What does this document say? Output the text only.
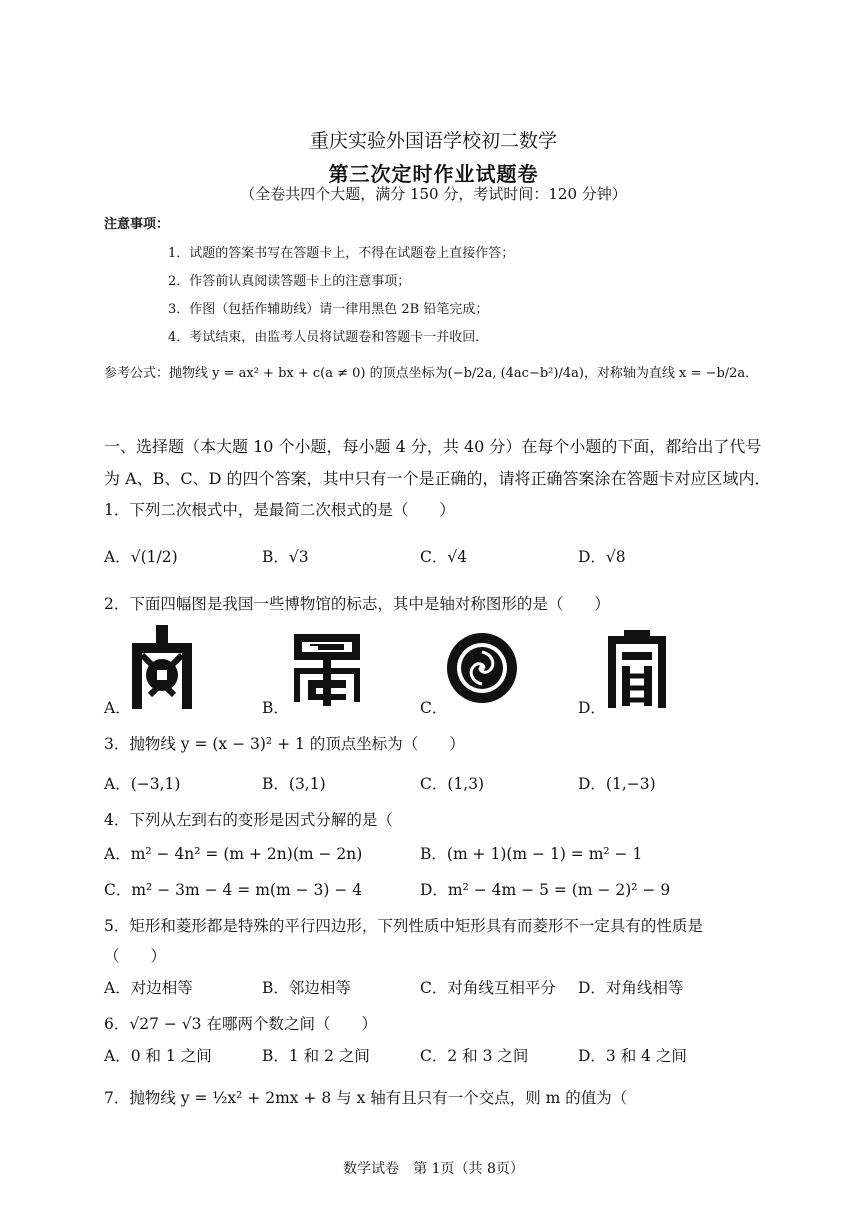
重庆实验外国语学校初二数学
第三次定时作业试题卷
（全卷共四个大题，满分 150 分，考试时间：120 分钟）
注意事项：
1．试题的答案书写在答题卡上，不得在试题卷上直接作答；
2．作答前认真阅读答题卡上的注意事项；
3．作图（包括作辅助线）请一律用黑色 2B 铅笔完成；
4．考试结束，由监考人员将试题卷和答题卡一并收回．
参考公式：抛物线 y = ax² + bx + c(a ≠ 0) 的顶点坐标为(−b/2a, (4ac−b²)/4a)，对称轴为直线 x = −b/2a．
一、选择题（本大题 10 个小题，每小题 4 分，共 40 分）在每个小题的下面，都给出了代号
为 A、B、C、D 的四个答案，其中只有一个是正确的，请将正确答案涂在答题卡对应区域内．
1．下列二次根式中，是最简二次根式的是（　　）
A．√(1/2)	B．√3	C．√4	D．√8
2．下面四幅图是我国一些博物馆的标志，其中是轴对称图形的是（　　）
A．	B．	C．	D．
3．抛物线 y = (x − 3)² + 1 的顶点坐标为（　　）
A．(−3,1)	B．(3,1)	C．(1,3)	D．(1,−3)
4．下列从左到右的变形是因式分解的是（
A．m² − 4n² = (m + 2n)(m − 2n)	B．(m + 1)(m − 1) = m² − 1
C．m² − 3m − 4 = m(m − 3) − 4	D．m² − 4m − 5 = (m − 2)² − 9
5．矩形和菱形都是特殊的平行四边形，下列性质中矩形具有而菱形不一定具有的性质是
（　　）
A．对边相等	B．邻边相等	C．对角线互相平分 D．对角线相等
6．√27 − √3 在哪两个数之间（　　）
A．0 和 1 之间	B．1 和 2 之间	C．2 和 3 之间	D．3 和 4 之间
7．抛物线 y = ½x² + 2mx + 8 与 x 轴有且只有一个交点，则 m 的值为（
数学试卷　第 1页（共 8页）
